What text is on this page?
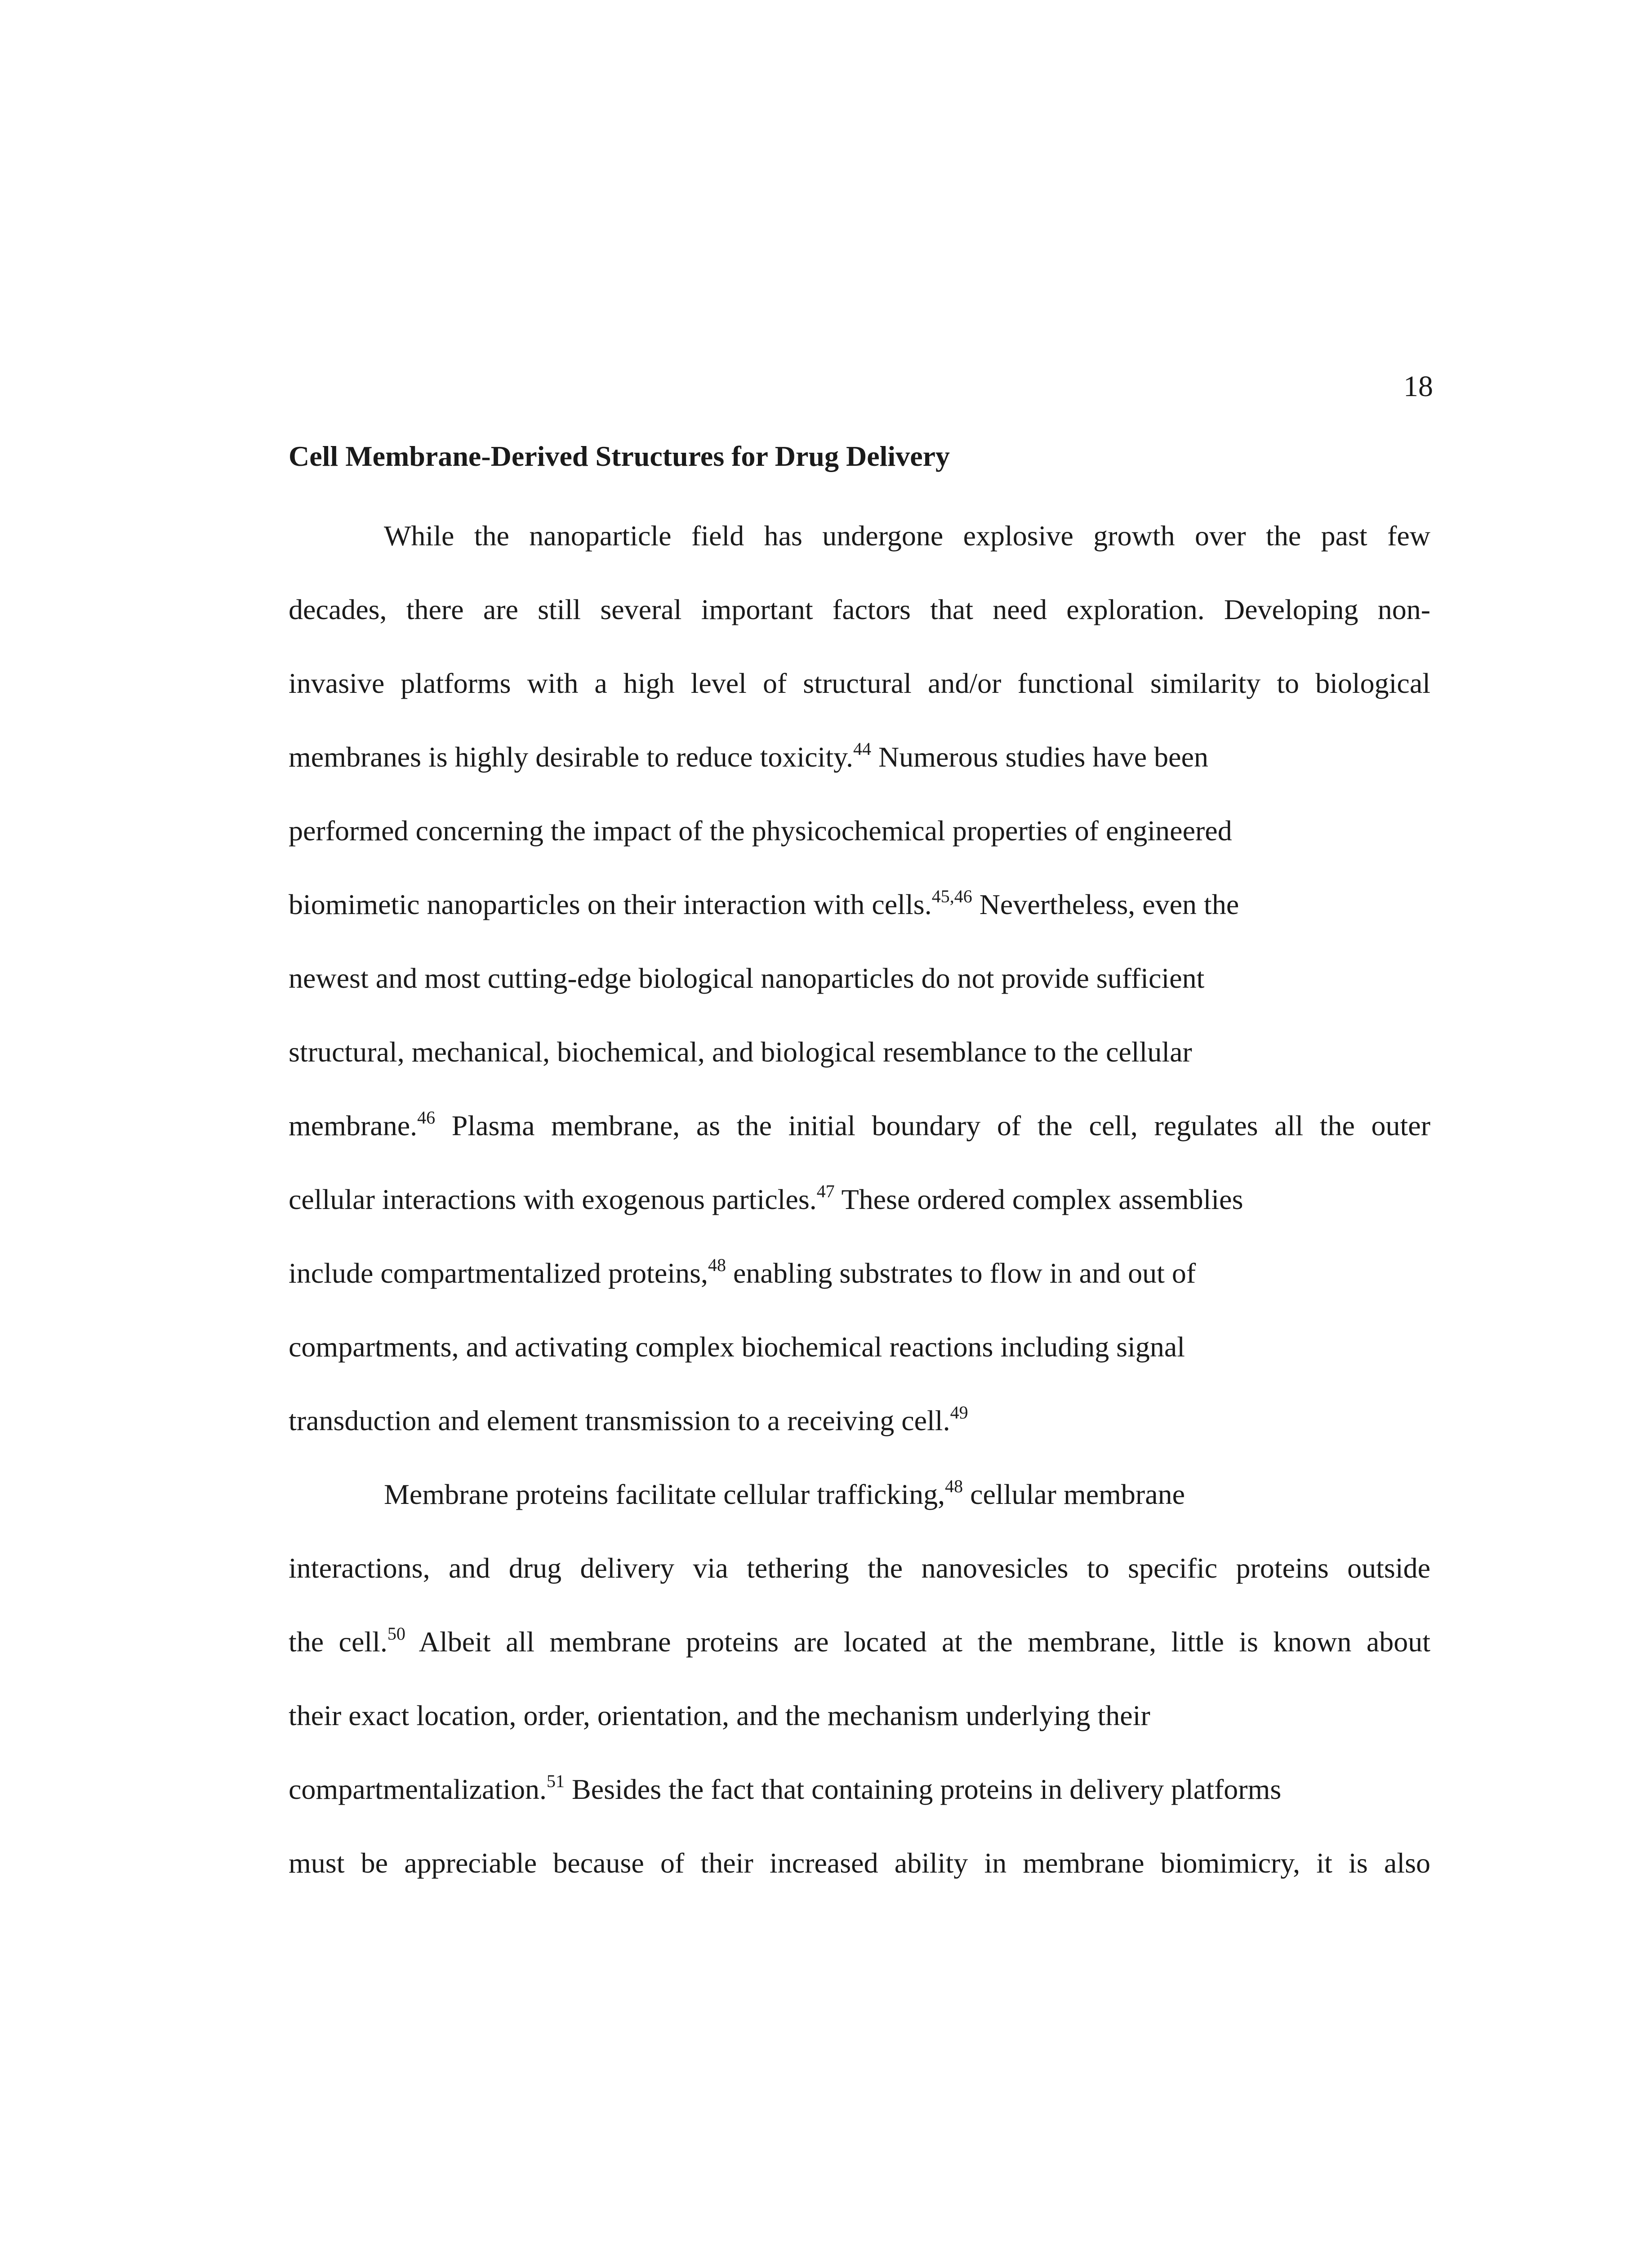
18
Cell Membrane-Derived Structures for Drug Delivery
While the nanoparticle field has undergone explosive growth over the past few
decades, there are still several important factors that need exploration. Developing non-
invasive platforms with a high level of structural and/or functional similarity to biological
membranes is highly desirable to reduce toxicity.$^{44}$ Numerous studies have been
performed concerning the impact of the physicochemical properties of engineered
biomimetic nanoparticles on their interaction with cells.$^{45,46}$ Nevertheless, even the
newest and most cutting-edge biological nanoparticles do not provide sufficient
structural, mechanical, biochemical, and biological resemblance to the cellular
membrane.$^{46}$ Plasma membrane, as the initial boundary of the cell, regulates all the outer
cellular interactions with exogenous particles.$^{47}$ These ordered complex assemblies
include compartmentalized proteins,$^{48}$ enabling substrates to flow in and out of
compartments, and activating complex biochemical reactions including signal
transduction and element transmission to a receiving cell.$^{49}$
Membrane proteins facilitate cellular trafficking,$^{48}$ cellular membrane
interactions, and drug delivery via tethering the nanovesicles to specific proteins outside
the cell.$^{50}$ Albeit all membrane proteins are located at the membrane, little is known about
their exact location, order, orientation, and the mechanism underlying their
compartmentalization.$^{51}$ Besides the fact that containing proteins in delivery platforms
must be appreciable because of their increased ability in membrane biomimicry, it is also
